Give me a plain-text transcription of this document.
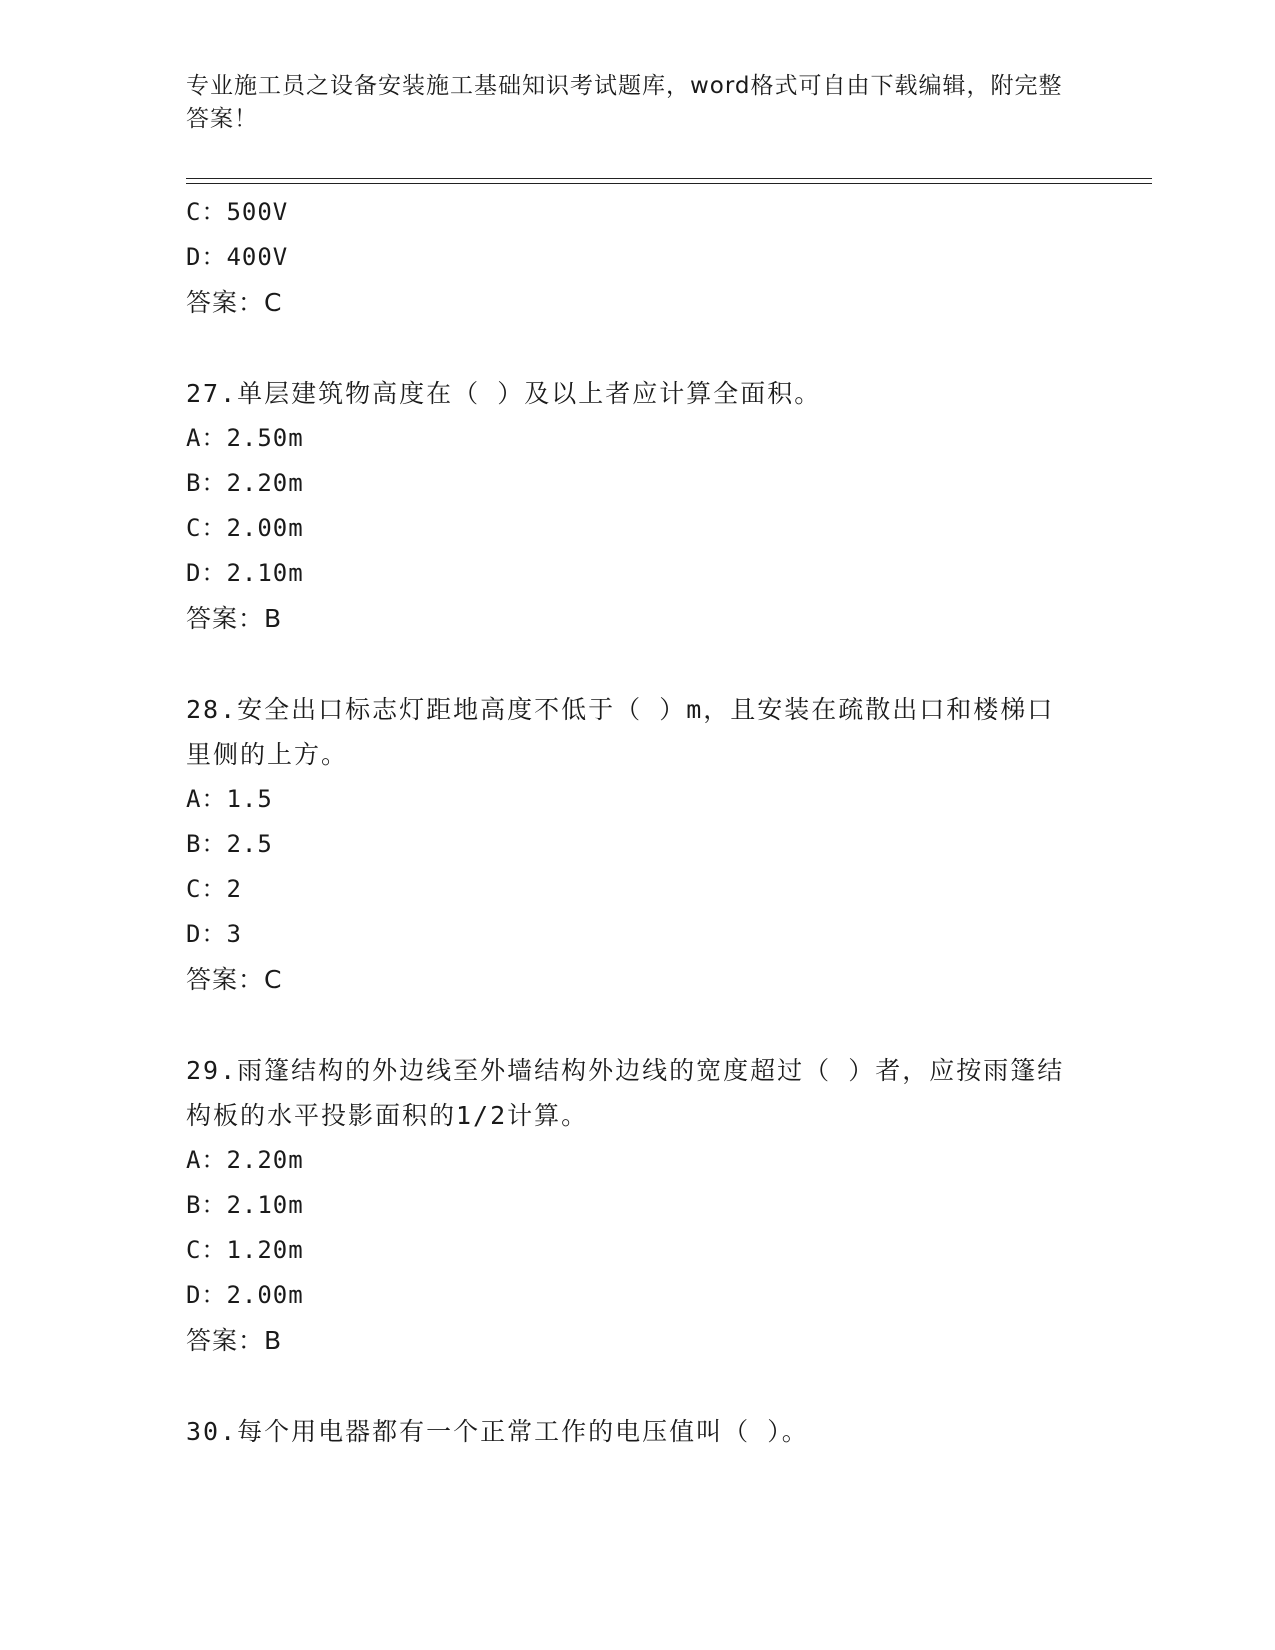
专业施工员之设备安装施工基础知识考试题库，word格式可自由下载编辑，附完整答案！
C：500V
D：400V
答案：C
27.单层建筑物高度在（ ）及以上者应计算全面积。
A：2.50m
B：2.20m
C：2.00m
D：2.10m
答案：B
28.安全出口标志灯距地高度不低于（ ）m，且安装在疏散出口和楼梯口里侧的上方。
A：1.5
B：2.5
C：2
D：3
答案：C
29.雨篷结构的外边线至外墙结构外边线的宽度超过（ ）者，应按雨篷结构板的水平投影面积的1/2计算。
A：2.20m
B：2.10m
C：1.20m
D：2.00m
答案：B
30.每个用电器都有一个正常工作的电压值叫（ ）。
